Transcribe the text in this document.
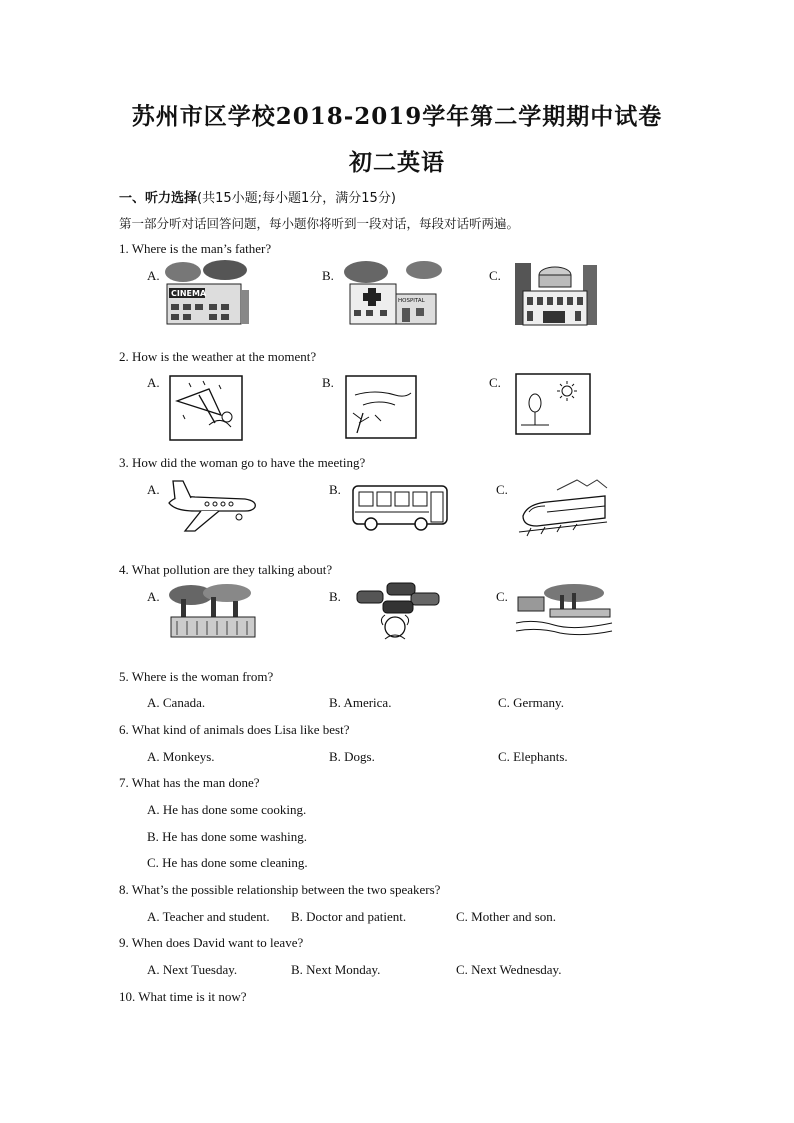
苏州市区学校2018-2019学年第二学期期中试卷
初二英语
一、听力选择(共15小题;每小题1分，满分15分)
第一部分听对话回答问题，每小题你将听到一段对话，每段对话听两遍。
1. Where is the man’s father?
A.	B.	C.
CINEMA
HOSPITAL
2. How is the weather at the moment?
A.	B.	C.
3. How did the woman go to have the meeting?
A.	B.	C.
4. What pollution are they talking about?
A.	B.	C.
5. Where is the woman from?
A. Canada.	B. America.	C. Germany.
6. What kind of animals does Lisa like best?
A. Monkeys.	B. Dogs.	C. Elephants.
7. What has the man done?
A. He has done some cooking.
B. He has done some washing.
C. He has done some cleaning.
8. What’s the possible relationship between the two speakers?
A. Teacher and student. B. Doctor and patient.	C. Mother and son.
9. When does David want to leave?
A. Next Tuesday.	B. Next Monday.	C. Next Wednesday.
10. What time is it now?
